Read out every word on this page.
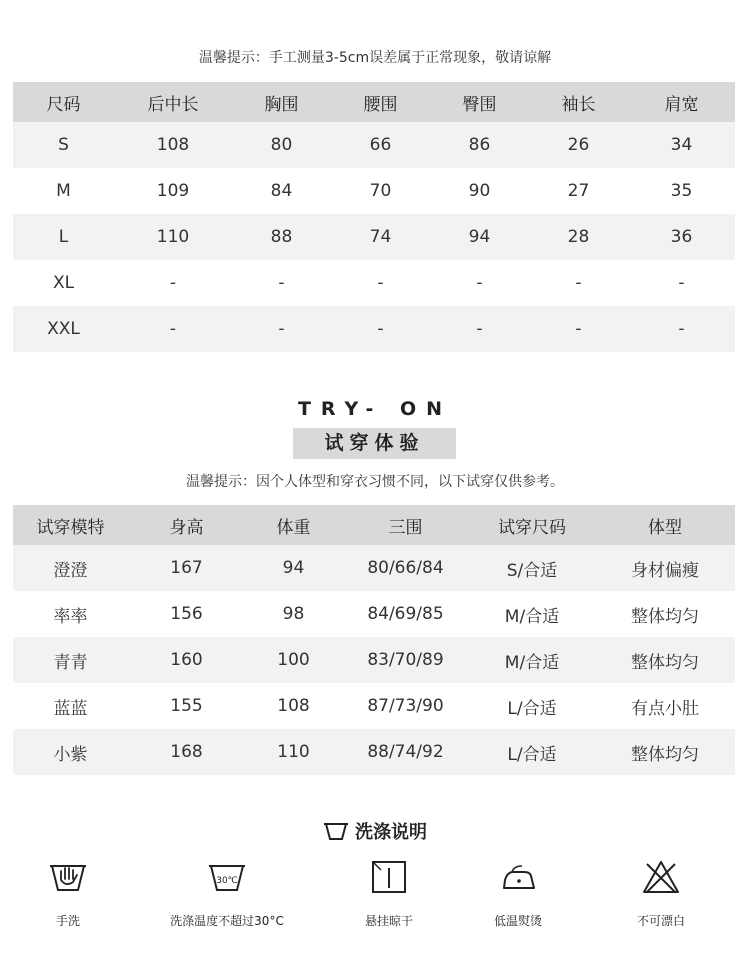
温馨提示：手工测量3-5cm误差属于正常现象，敬请谅解
尺码	后中长	胸围	腰围	臀围	袖长	肩宽
S	108	80	66	86	26	34
M	109	84	70	90	27	35
L	110	88	74	94	28	36
XL	-	-	-	-	-	-
XXL	-	-	-	-	-	-
TRY- ON
试穿体验
温馨提示：因个人体型和穿衣习惯不同，以下试穿仅供参考。
试穿模特	身高	体重	三围	试穿尺码	体型
澄澄	167	94	80/66/84	S/合适	身材偏瘦
率率	156	98	84/69/85	M/合适	整体均匀
青青	160	100	83/70/89	M/合适	整体均匀
蓝蓝	155	108	87/73/90	L/合适	有点小肚
小紫	168	110	88/74/92	L/合适	整体均匀
洗涤说明
手洗
30℃
洗涤温度不超过30°C	悬挂晾干	低温熨烫	不可漂白
